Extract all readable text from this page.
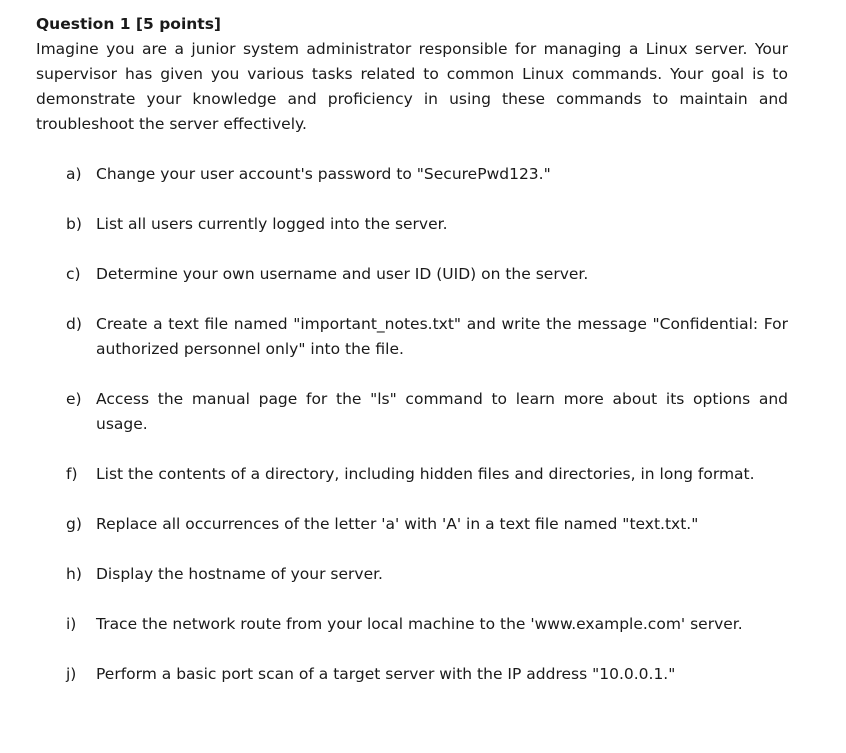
Question 1 [5 points]

Imagine you are a junior system administrator responsible for managing a Linux server. Your supervisor has given you various tasks related to common Linux commands. Your goal is to demonstrate your knowledge and proficiency in using these commands to maintain and troubleshoot the server effectively.

a) Change your user account's password to "SecurePwd123."
b) List all users currently logged into the server.
c) Determine your own username and user ID (UID) on the server.
d) Create a text file named "important_notes.txt" and write the message "Confidential: For authorized personnel only" into the file.
e) Access the manual page for the "ls" command to learn more about its options and usage.
f)	List the contents of a directory, including hidden files and directories, in long format.
g) Replace all occurrences of the letter 'a' with 'A' in a text file named "text.txt."
h) Display the hostname of your server.
i)	Trace the network route from your local machine to the 'www.example.com' server.
j)	Perform a basic port scan of a target server with the IP address "10.0.0.1."
